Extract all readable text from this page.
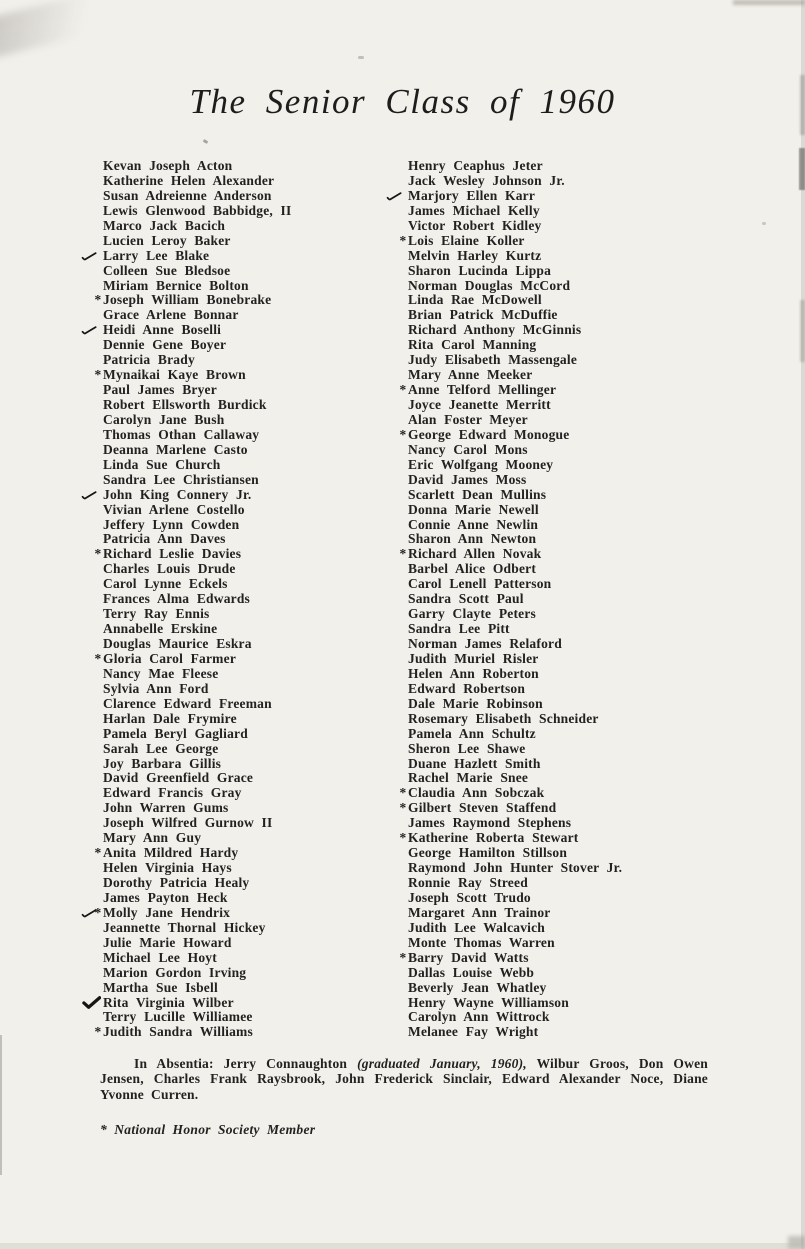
The Senior Class of 1960
Kevan Joseph Acton
Katherine Helen Alexander
Susan Adreienne Anderson
Lewis Glenwood Babbidge, II
Marco Jack Bacich
Lucien Leroy Baker
Larry Lee Blake
Colleen Sue Bledsoe
Miriam Bernice Bolton
* Joseph William Bonebrake
Grace Arlene Bonnar
Heidi Anne Boselli
Dennie Gene Boyer
Patricia Brady
* Mynaikai Kaye Brown
Paul James Bryer
Robert Ellsworth Burdick
Carolyn Jane Bush
Thomas Othan Callaway
Deanna Marlene Casto
Linda Sue Church
Sandra Lee Christiansen
John King Connery Jr.
Vivian Arlene Costello
Jeffery Lynn Cowden
Patricia Ann Daves
* Richard Leslie Davies
Charles Louis Drude
Carol Lynne Eckels
Frances Alma Edwards
Terry Ray Ennis
Annabelle Erskine
Douglas Maurice Eskra
* Gloria Carol Farmer
Nancy Mae Fleese
Sylvia Ann Ford
Clarence Edward Freeman
Harlan Dale Frymire
Pamela Beryl Gagliard
Sarah Lee George
Joy Barbara Gillis
David Greenfield Grace
Edward Francis Gray
John Warren Gums
Joseph Wilfred Gurnow II
Mary Ann Guy
* Anita Mildred Hardy
Helen Virginia Hays
Dorothy Patricia Healy
James Payton Heck
* Molly Jane Hendrix
Jeannette Thornal Hickey
Julie Marie Howard
Michael Lee Hoyt
Marion Gordon Irving
Martha Sue Isbell
Rita Virginia Wilber
Terry Lucille Williamee
* Judith Sandra Williams
Henry Ceaphus Jeter
Jack Wesley Johnson Jr.
Marjory Ellen Karr
James Michael Kelly
Victor Robert Kidley
* Lois Elaine Koller
Melvin Harley Kurtz
Sharon Lucinda Lippa
Norman Douglas McCord
Linda Rae McDowell
Brian Patrick McDuffie
Richard Anthony McGinnis
Rita Carol Manning
Judy Elisabeth Massengale
Mary Anne Meeker
* Anne Telford Mellinger
Joyce Jeanette Merritt
Alan Foster Meyer
* George Edward Monogue
Nancy Carol Mons
Eric Wolfgang Mooney
David James Moss
Scarlett Dean Mullins
Donna Marie Newell
Connie Anne Newlin
Sharon Ann Newton
* Richard Allen Novak
Barbel Alice Odbert
Carol Lenell Patterson
Sandra Scott Paul
Garry Clayte Peters
Sandra Lee Pitt
Norman James Relaford
Judith Muriel Risler
Helen Ann Roberton
Edward Robertson
Dale Marie Robinson
Rosemary Elisabeth Schneider
Pamela Ann Schultz
Sheron Lee Shawe
Duane Hazlett Smith
Rachel Marie Snee
* Claudia Ann Sobczak
* Gilbert Steven Staffend
James Raymond Stephens
* Katherine Roberta Stewart
George Hamilton Stillson
Raymond John Hunter Stover Jr.
Ronnie Ray Streed
Joseph Scott Trudo
Margaret Ann Trainor
Judith Lee Walcavich
Monte Thomas Warren
* Barry David Watts
Dallas Louise Webb
Beverly Jean Whatley
Henry Wayne Williamson
Carolyn Ann Wittrock
Melanee Fay Wright
In Absentia: Jerry Connaughton (graduated January, 1960), Wilbur Groos, Don Owen Jensen, Charles Frank Raysbrook, John Frederick Sinclair, Edward Alexander Noce, Diane Yvonne Curren.
* National Honor Society Member
